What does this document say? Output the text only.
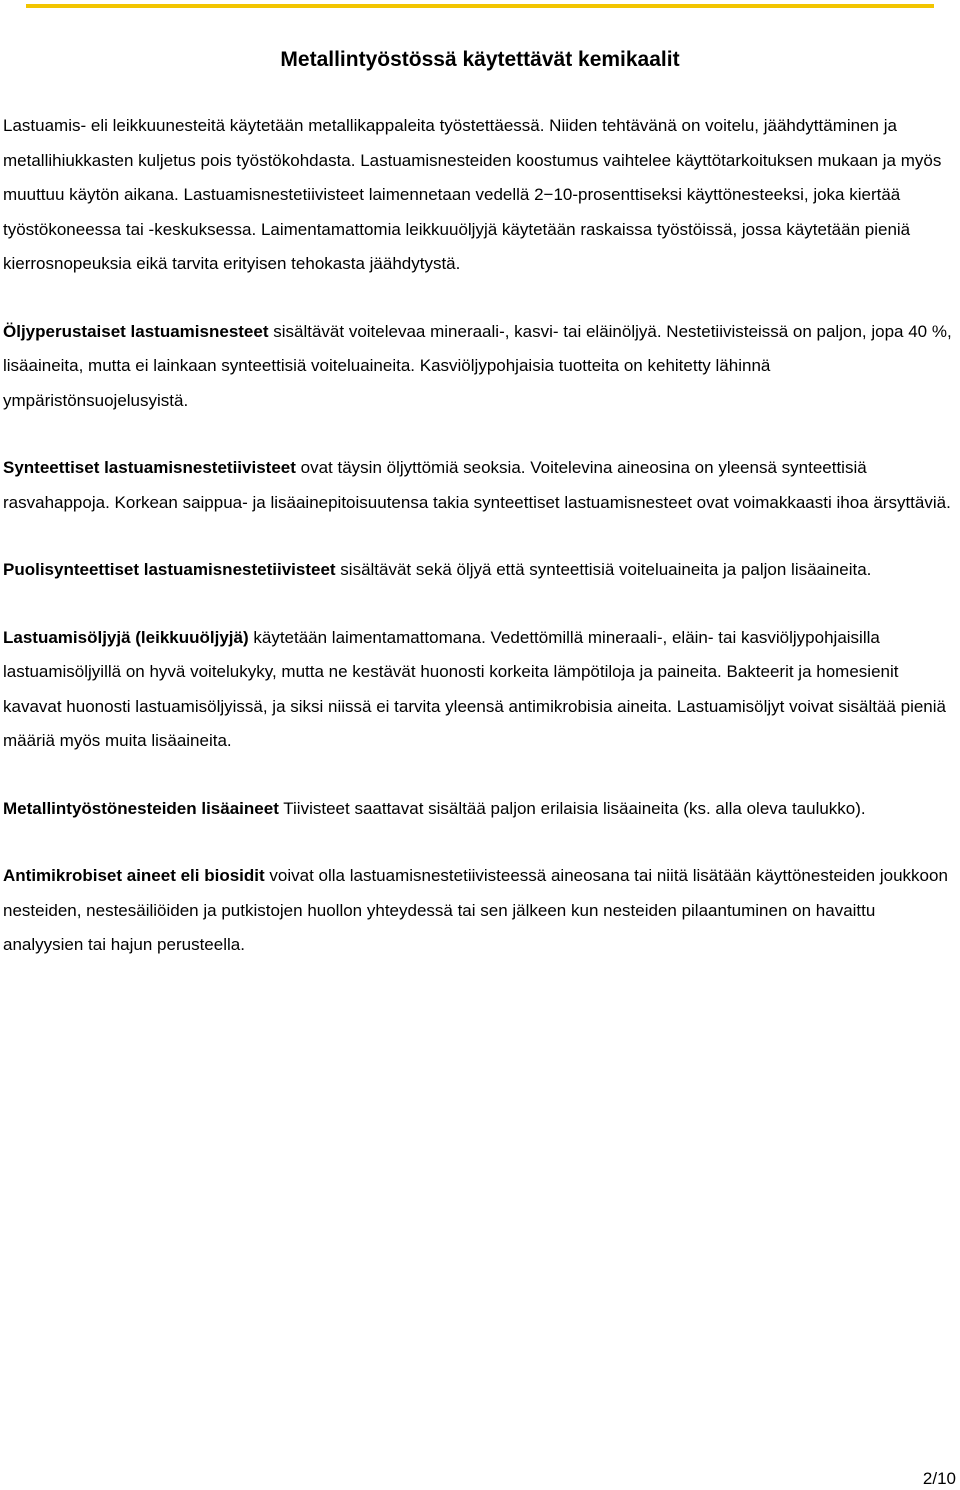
Metallintyöstössä käytettävät kemikaalit

Lastuamis- eli leikkuunesteitä käytetään metallikappaleita työstettäessä. Niiden tehtävänä on voitelu, jäähdyttäminen ja metallihiukkasten kuljetus pois työstökohdasta. Lastuamisnesteiden koostumus vaihtelee käyttötarkoituksen mukaan ja myös muuttuu käytön aikana. Lastuamisnestetiivisteet laimennetaan vedellä 2−10-prosenttiseksi käyttönesteeksi, joka kiertää työstökoneessa tai -keskuksessa. Laimentamattomia leikkuuöljyjä käytetään raskaissa työstöissä, jossa käytetään pieniä kierrosnopeuksia eikä tarvita erityisen tehokasta jäähdytystä.

Öljyperustaiset lastuamisnesteet sisältävät voitelevaa mineraali-, kasvi- tai eläinöljyä. Nestetiivisteissä on paljon, jopa 40 %, lisäaineita, mutta ei lainkaan synteettisiä voiteluaineita. Kasviöljypohjaisia tuotteita on kehitetty lähinnä ympäristönsuojelusyistä.

Synteettiset lastuamisnestetiivisteet ovat täysin öljyttömiä seoksia. Voitelevina aineosina on yleensä synteettisiä rasvahappoja. Korkean saippua- ja lisäainepitoisuutensa takia synteettiset lastuamisnesteet ovat voimakkaasti ihoa ärsyttäviä.

Puolisynteettiset lastuamisnestetiivisteet sisältävät sekä öljyä että synteettisiä voiteluaineita ja paljon lisäaineita.

Lastuamisöljyjä (leikkuuöljyjä) käytetään laimentamattomana. Vedettömillä mineraali-, eläin- tai kasviöljypohjaisilla lastuamisöljyillä on hyvä voitelukyky, mutta ne kestävät huonosti korkeita lämpötiloja ja paineita. Bakteerit ja homesienit kavavat huonosti lastuamisöljyissä, ja siksi niissä ei tarvita yleensä antimikrobisia aineita. Lastuamisöljyt voivat sisältää pieniä määriä myös muita lisäaineita.

Metallintyöstönesteiden lisäaineet Tiivisteet saattavat sisältää paljon erilaisia lisäaineita (ks. alla oleva taulukko).

Antimikrobiset aineet eli biosidit voivat olla lastuamisnestetiivisteessä aineosana tai niitä lisätään käyttönesteiden joukkoon nesteiden, nestesäiliöiden ja putkistojen huollon yhteydessä tai sen jälkeen kun nesteiden pilaantuminen on havaittu analyysien tai hajun perusteella.

2/10
